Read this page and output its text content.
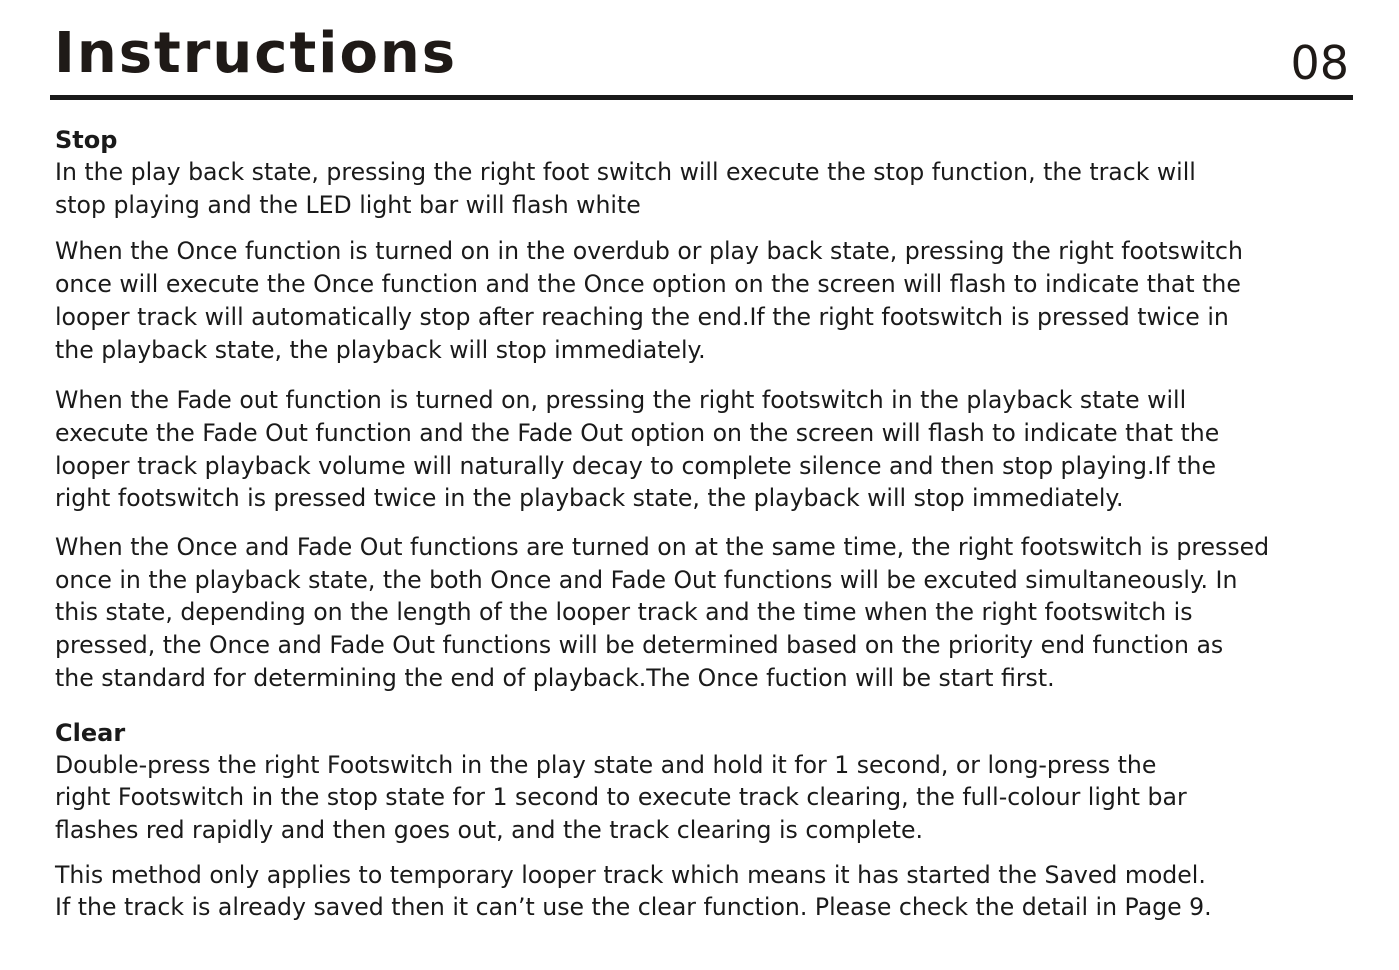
Instructions	08
Stop

In the play back state, pressing the right foot switch will execute the stop function, the track will
stop playing and the LED light bar will flash white

When the Once function is turned on in the overdub or play back state, pressing the right footswitch
once will execute the Once function and the Once option on the screen will flash to indicate that the
looper track will automatically stop after reaching the end.If the right footswitch is pressed twice in
the playback state, the playback will stop immediately.

When the Fade out function is turned on, pressing the right footswitch in the playback state will
execute the Fade Out function and the Fade Out option on the screen will flash to indicate that the
looper track playback volume will naturally decay to complete silence and then stop playing.If the
right footswitch is pressed twice in the playback state, the playback will stop immediately.

When the Once and Fade Out functions are turned on at the same time, the right footswitch is pressed
once in the playback state, the both Once and Fade Out functions will be excuted simultaneously. In
this state, depending on the length of the looper track and the time when the right footswitch is
pressed, the Once and Fade Out functions will be determined based on the priority end function as
the standard for determining the end of playback.The Once fuction will be start first.

Clear

Double-press the right Footswitch in the play state and hold it for 1 second, or long-press the
right Footswitch in the stop state for 1 second to execute track clearing, the full-colour light bar
flashes red rapidly and then goes out, and the track clearing is complete.

This method only applies to temporary looper track which means it has started the Saved model.
If the track is already saved then it can’t use the clear function. Please check the detail in Page 9.
